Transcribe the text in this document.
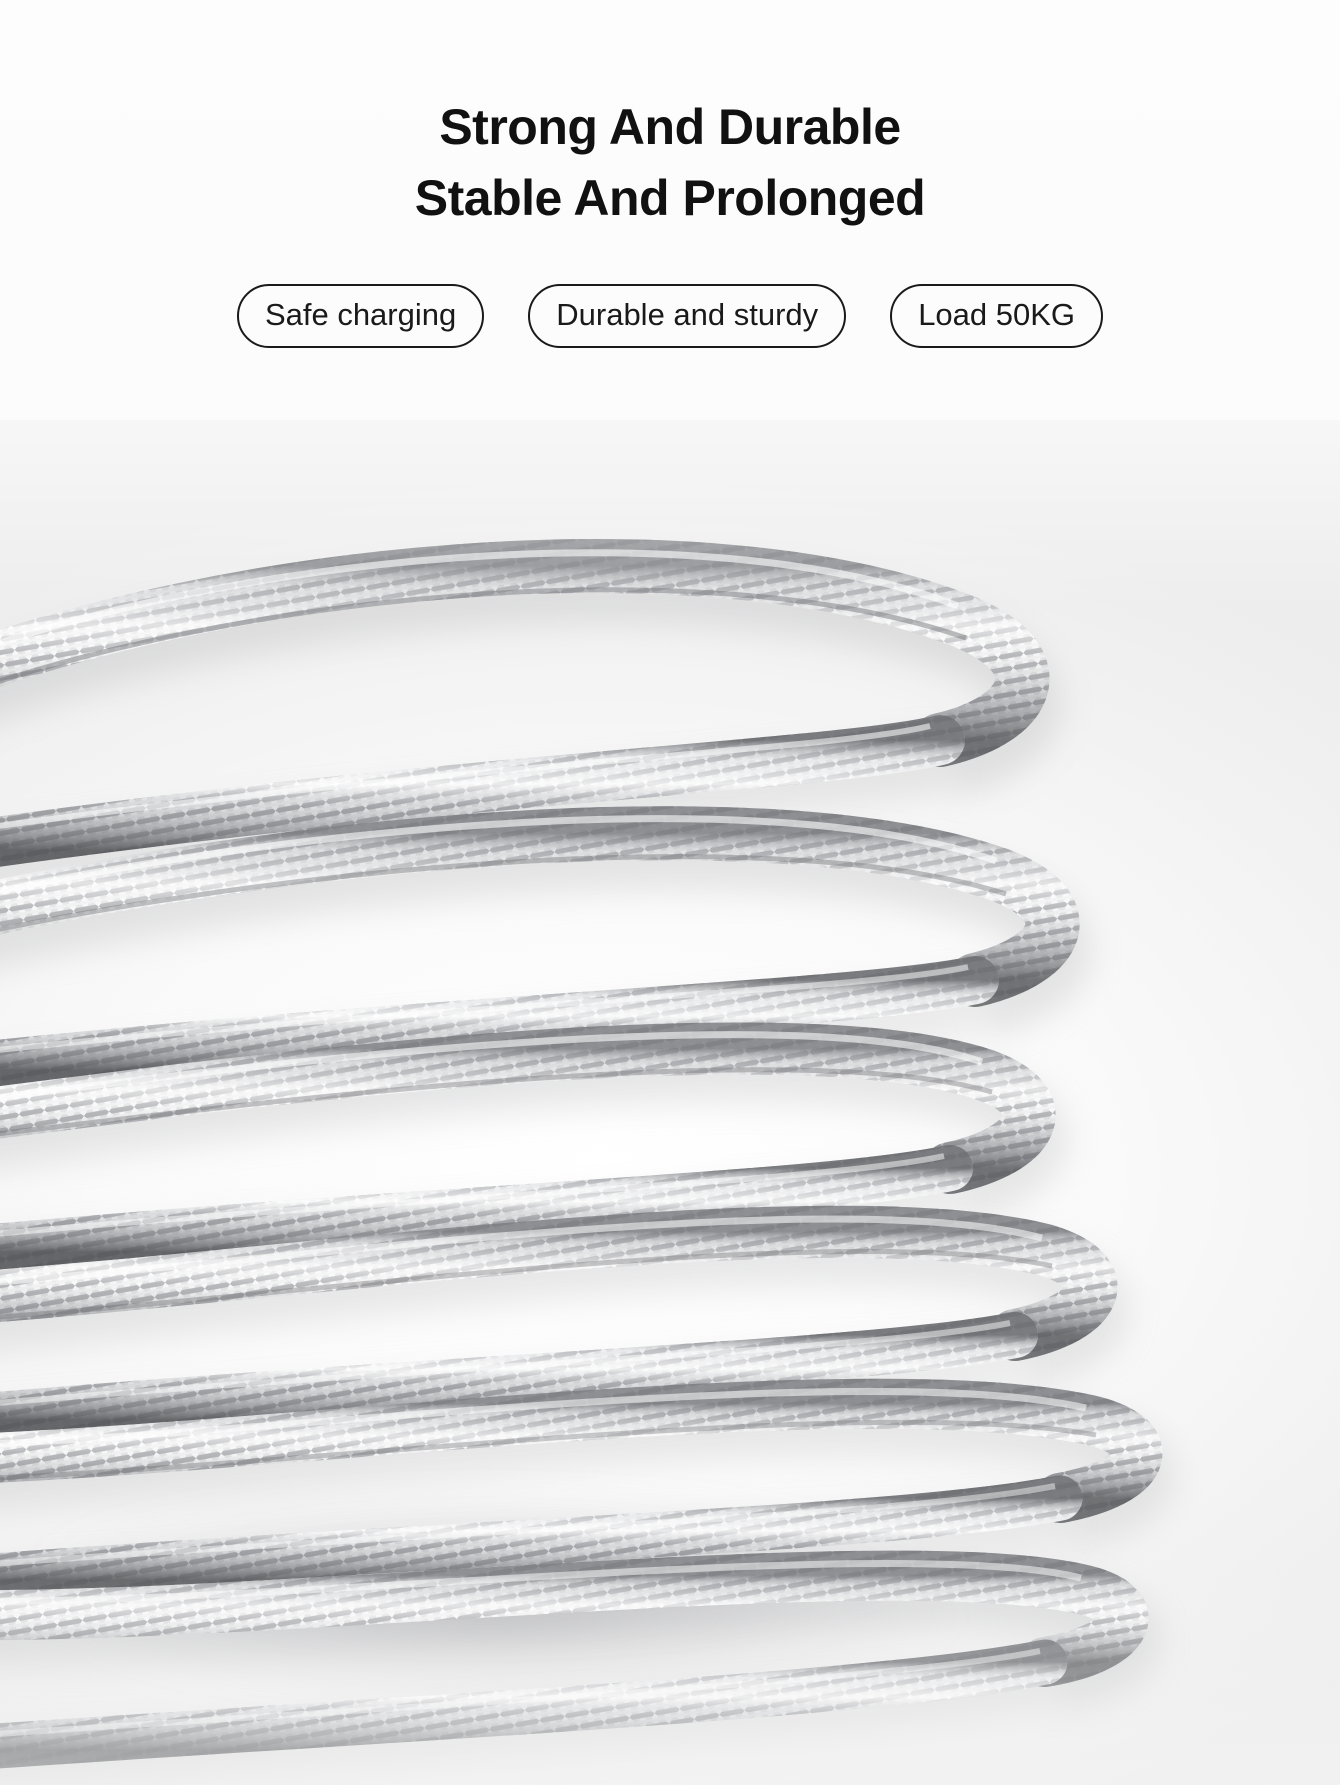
Strong And Durable
Stable And Prolonged
Safe charging	Durable and sturdy	Load 50KG
